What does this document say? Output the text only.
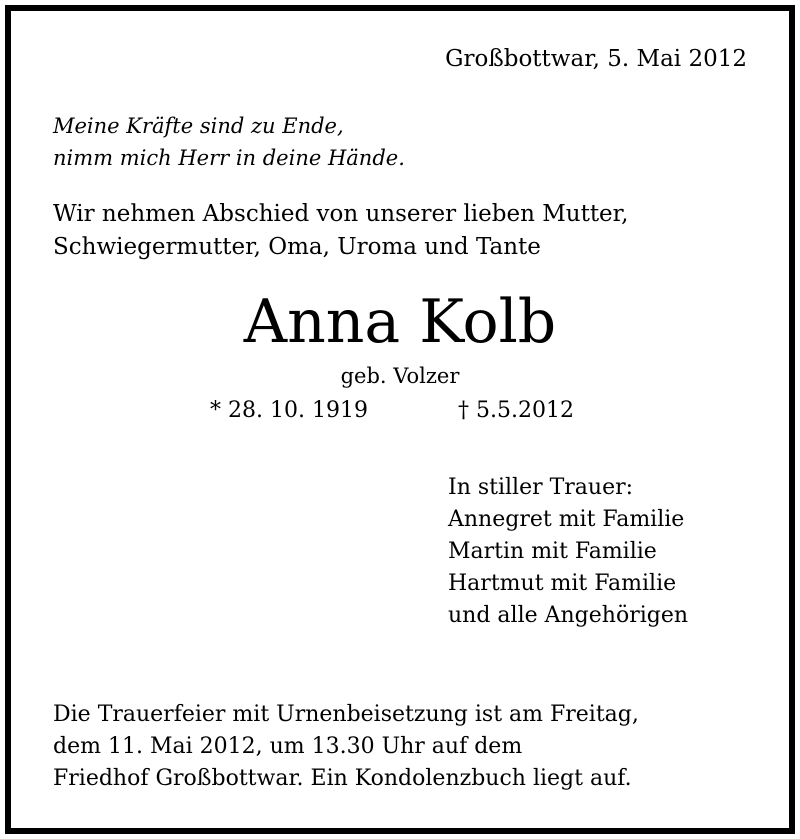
Großbottwar, 5. Mai 2012
Meine Kräfte sind zu Ende,
nimm mich Herr in deine Hände.
Wir nehmen Abschied von unserer lieben Mutter,
Schwiegermutter, Oma, Uroma und Tante
Anna Kolb
geb. Volzer
* 28. 10. 1919	† 5.5.2012
In stiller Trauer:
Annegret mit Familie
Martin mit Familie
Hartmut mit Familie
und alle Angehörigen
Die Trauerfeier mit Urnenbeisetzung ist am Freitag,
dem 11. Mai 2012, um 13.30 Uhr auf dem
Friedhof Großbottwar. Ein Kondolenzbuch liegt auf.
